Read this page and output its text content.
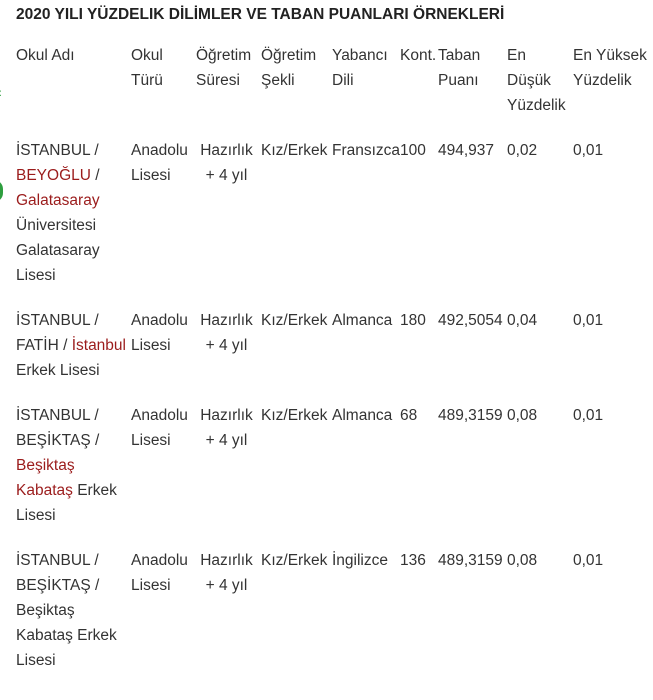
2020 YILI YÜZDELIK DİLİMLER VE TABAN PUANLARI ÖRNEKLERİ
Okul Adı	Okul Türü	Öğretim Süresi	Öğretim Şekli	Yabancı Dili	Kont.	Taban Puanı	En Düşük Yüzdelik	En Yüksek Yüzdelik
İSTANBUL / BEYOĞLU / Galatasaray Üniversitesi Galatasaray Lisesi	Anadolu Lisesi	Hazırlık + 4 yıl	Kız/Erkek	Fransızca	100	494,937	0,02	0,01
İSTANBUL / FATİH / İstanbul Erkek Lisesi	Anadolu Lisesi	Hazırlık + 4 yıl	Kız/Erkek	Almanca	180	492,5054	0,04	0,01
İSTANBUL / BEŞİKTAŞ / Beşiktaş Kabataş Erkek Lisesi	Anadolu Lisesi	Hazırlık + 4 yıl	Kız/Erkek	Almanca	68	489,3159	0,08	0,01
İSTANBUL / BEŞİKTAŞ / Beşiktaş Kabataş Erkek Lisesi	Anadolu Lisesi	Hazırlık + 4 yıl	Kız/Erkek	İngilizce	136	489,3159	0,08	0,01
